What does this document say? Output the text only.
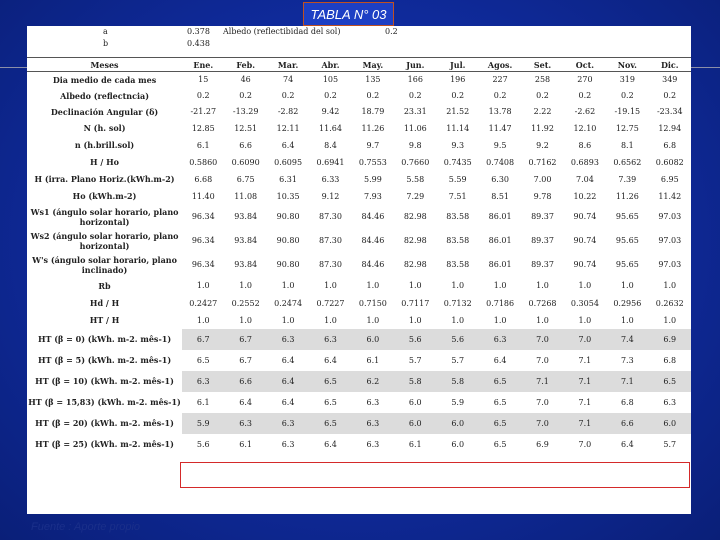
TABLA N° 03
a	0.378 Albedo (reflectibidad del sol)	0.2
b	0.438
Meses	Ene.	Feb.	Mar.	Abr.	May.	Jun.	Jul.	Agos.	Set.	Oct.	Nov.	Dic.
Dia medio de cada mes	15	46	74	105	135	166	196	227	258	270	319	349
Albedo (reflectncia)	0.2	0.2	0.2	0.2	0.2	0.2	0.2	0.2	0.2	0.2	0.2	0.2
Declinación Angular (δ)	-21.27	-13.29	-2.82	9.42	18.79	23.31	21.52	13.78	2.22	-2.62	-19.15	-23.34
N (h. sol)	12.85	12.51	12.11	11.64	11.26	11.06	11.14	11.47	11.92	12.10	12.75	12.94
n (h.brill.sol)	6.1	6.6	6.4	8.4	9.7	9.8	9.3	9.5	9.2	8.6	8.1	6.8
H / Ho	0.5860	0.6090	0.6095	0.6941	0.7553	0.7660	0.7435	0.7408	0.7162	0.6893	0.6562	0.6082
H (irra. Plano Horiz.(kWh.m-2)	6.68	6.75	6.31	6.33	5.99	5.58	5.59	6.30	7.00	7.04	7.39	6.95
Ho (kWh.m-2)	11.40	11.08	10.35	9.12	7.93	7.29	7.51	8.51	9.78	10.22	11.26	11.42
Ws1 (ángulo solar horario, plano horizontal)	96.34	93.84	90.80	87.30	84.46	82.98	83.58	86.01	89.37	90.74	95.65	97.03
Ws2 (ángulo solar horario, plano horizontal)	96.34	93.84	90.80	87.30	84.46	82.98	83.58	86.01	89.37	90.74	95.65	97.03
W's (ángulo solar horario, plano inclinado)	96.34	93.84	90.80	87.30	84.46	82.98	83.58	86.01	89.37	90.74	95.65	97.03
Rb	1.0	1.0	1.0	1.0	1.0	1.0	1.0	1.0	1.0	1.0	1.0	1.0
Hd / H	0.2427	0.2552	0.2474	0.7227	0.7150	0.7117	0.7132	0.7186	0.7268	0.3054	0.2956	0.2632
HT / H	1.0	1.0	1.0	1.0	1.0	1.0	1.0	1.0	1.0	1.0	1.0	1.0
HT (β = 0) (kWh. m-2. mês-1)	6.7	6.7	6.3	6.3	6.0	5.6	5.6	6.3	7.0	7.0	7.4	6.9
HT (β = 5) (kWh. m-2. mês-1)	6.5	6.7	6.4	6.4	6.1	5.7	5.7	6.4	7.0	7.1	7.3	6.8
HT (β = 10) (kWh. m-2. mês-1)	6.3	6.6	6.4	6.5	6.2	5.8	5.8	6.5	7.1	7.1	7.1	6.5
HT (β = 15,83) (kWh. m-2. mês-1)	6.1	6.4	6.4	6.5	6.3	6.0	5.9	6.5	7.0	7.1	6.8	6.3
HT (β = 20) (kWh. m-2. mês-1)	5.9	6.3	6.3	6.5	6.3	6.0	6.0	6.5	7.0	7.1	6.6	6.0
HT (β = 25) (kWh. m-2. mês-1)	5.6	6.1	6.3	6.4	6.3	6.1	6.0	6.5	6.9	7.0	6.4	5.7
Fuente : Aporte propio
